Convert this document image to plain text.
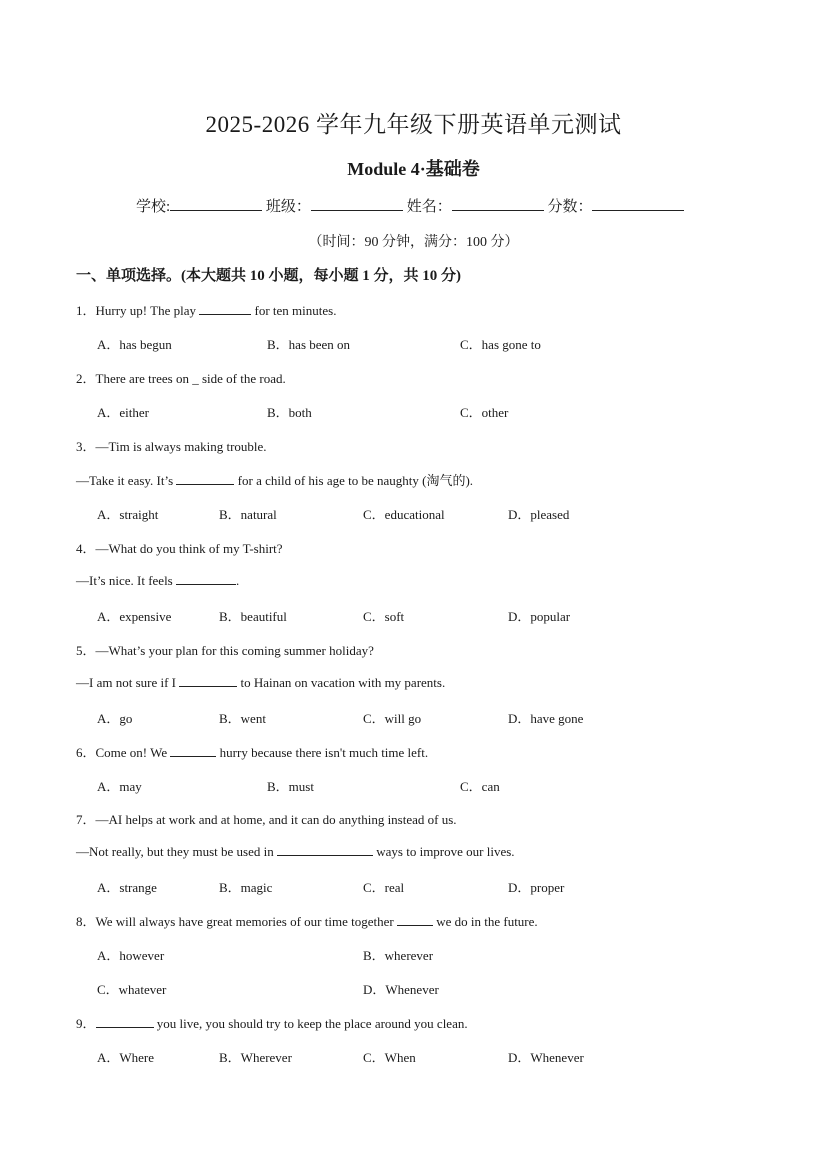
2025-2026 学年九年级下册英语单元测试
Module 4·基础卷
学校:	班级：	姓名：	分数：
（时间：90 分钟，满分：100 分）
一、单项选择。(本大题共 10 小题，每小题 1 分，共 10 分)
1．Hurry up! The play	for ten minutes.
A．has begun	B．has been on	C．has gone to
2．There are trees on _ side of the road.
A．either	B．both	C．other
3．—Tim is always making trouble.
—Take it easy. It’s	for a child of his age to be naughty (淘气的).
A．straight	B．natural	C．educational	D．pleased
4．—What do you think of my T-shirt?
—It’s nice. It feels	.
A．expensive	B．beautiful	C．soft	D．popular
5．—What’s your plan for this coming summer holiday?
—I am not sure if I	to Hainan on vacation with my parents.
A．go	B．went	C．will go	D．have gone
6．Come on! We	hurry because there isn't much time left.
A．may	B．must	C．can
7．—AI helps at work and at home, and it can do anything instead of us.
—Not really, but they must be used in	ways to improve our lives.
A．strange	B．magic	C．real	D．proper
8．We will always have great memories of our time together	we do in the future.
A．however	B．wherever
C．whatever	D．Whenever
9．	you live, you should try to keep the place around you clean.
A．Where	B．Wherever	C．When	D．Whenever
